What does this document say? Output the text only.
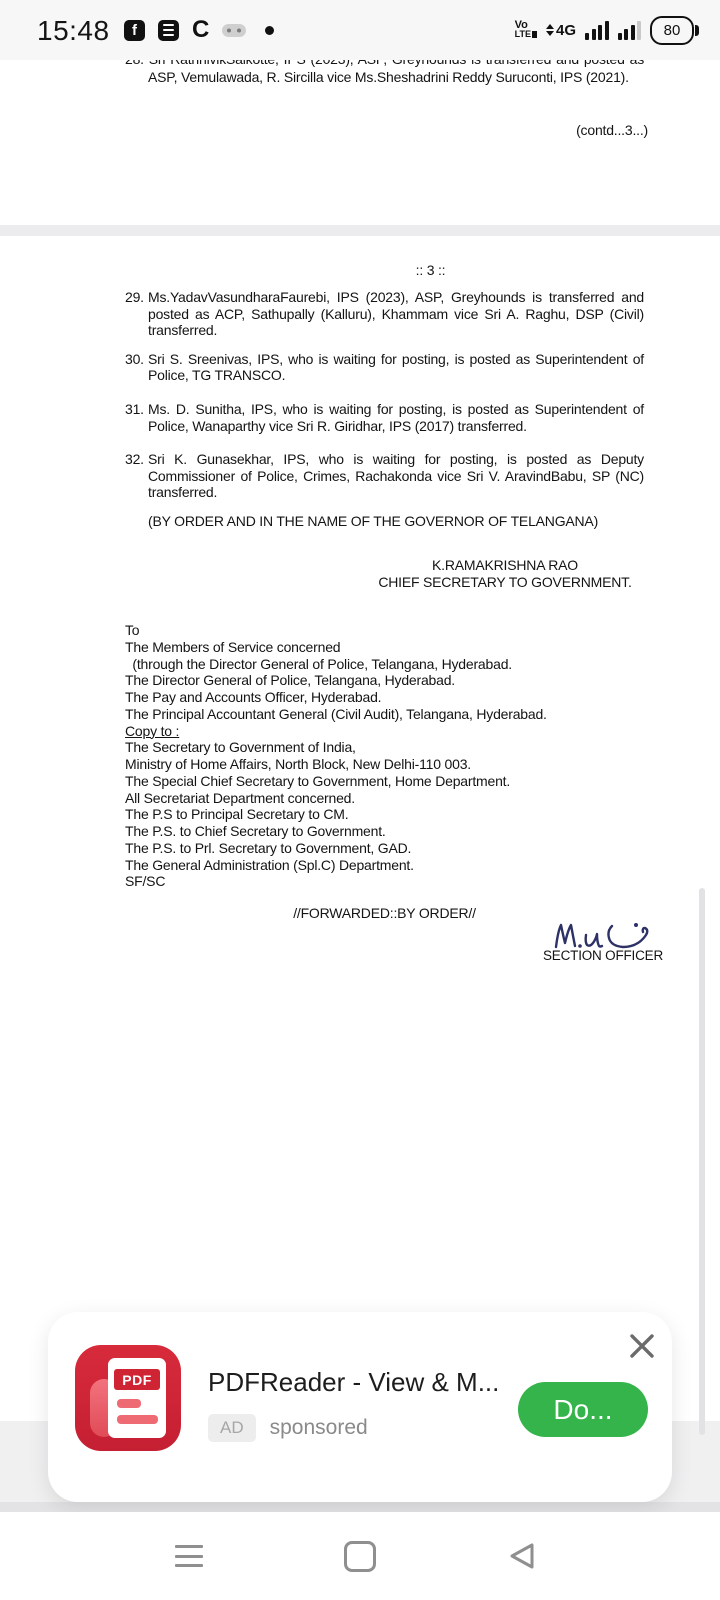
15:48	f	C	Vo
LTE 4G	80
ASP, Vemulawada, R. Sircilla vice Ms.Sheshadrini Reddy Suruconti, IPS (2021).
(contd...3...)
:: 3 ::
29. Ms.YadavVasundharaFaurebi, IPS (2023), ASP, Greyhounds is transferred and
posted as ACP, Sathupally (Kalluru), Khammam vice Sri A. Raghu, DSP (Civil)
transferred.
30. Sri S. Sreenivas, IPS, who is waiting for posting, is posted as Superintendent of
Police, TG TRANSCO.
31. Ms. D. Sunitha, IPS, who is waiting for posting, is posted as Superintendent of
Police, Wanaparthy vice Sri R. Giridhar, IPS (2017) transferred.
32. Sri K. Gunasekhar, IPS, who is waiting for posting, is posted as Deputy
Commissioner of Police, Crimes, Rachakonda vice Sri V. AravindBabu, SP (NC)
transferred.
(BY ORDER AND IN THE NAME OF THE GOVERNOR OF TELANGANA)
K.RAMAKRISHNA RAO
CHIEF SECRETARY TO GOVERNMENT.
To
The Members of Service concerned
(through the Director General of Police, Telangana, Hyderabad.
The Director General of Police, Telangana, Hyderabad.
The Pay and Accounts Officer, Hyderabad.
The Principal Accountant General (Civil Audit), Telangana, Hyderabad.
Copy to :
The Secretary to Government of India,
Ministry of Home Affairs, North Block, New Delhi-110 003.
The Special Chief Secretary to Government, Home Department.
All Secretariat Department concerned.
The P.S to Principal Secretary to CM.
The P.S. to Chief Secretary to Government.
The P.S. to Prl. Secretary to Government, GAD.
The General Administration (Spl.C) Department.
SF/SC
//FORWARDED::BY ORDER//
SECTION OFFICER
PDF	PDFReader - View & M...
AD	sponsored
Do...
